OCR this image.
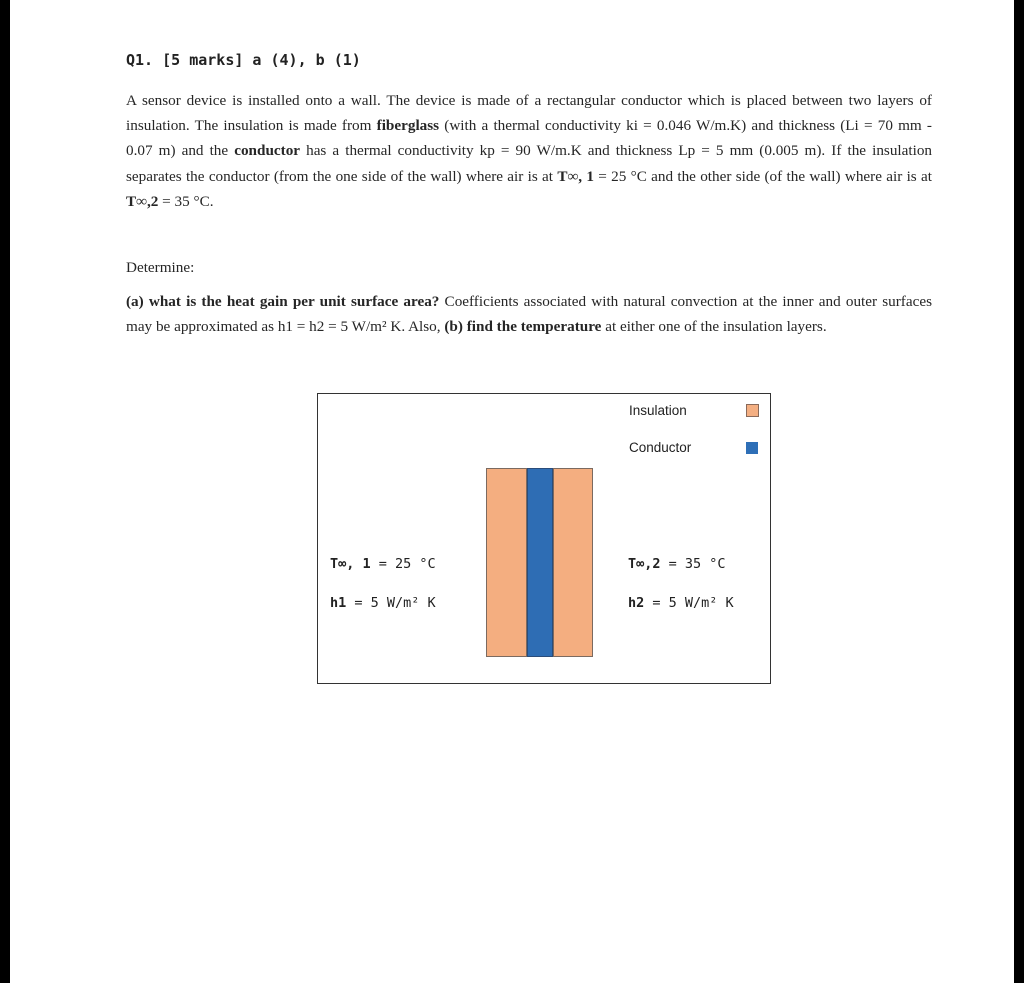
Q1. [5 marks] a (4), b (1)
A sensor device is installed onto a wall. The device is made of a rectangular conductor which is placed between two layers of insulation. The insulation is made from fiberglass (with a thermal conductivity ki = 0.046 W/m.K) and thickness (Li = 70 mm - 0.07 m) and the conductor has a thermal conductivity kp = 90 W/m.K and thickness Lp = 5 mm (0.005 m). If the insulation separates the conductor (from the one side of the wall) where air is at T∞, 1 = 25 °C and the other side (of the wall) where air is at T∞,2 = 35 °C.
Determine:
(a) what is the heat gain per unit surface area? Coefficients associated with natural convection at the inner and outer surfaces may be approximated as h1 = h2 = 5 W/m² K. Also, (b) find the temperature at either one of the insulation layers.
Insulation
Conductor
T∞, 1 = 25 °C
h1 = 5 W/m² K
T∞,2 = 35 °C
h2 = 5 W/m² K
